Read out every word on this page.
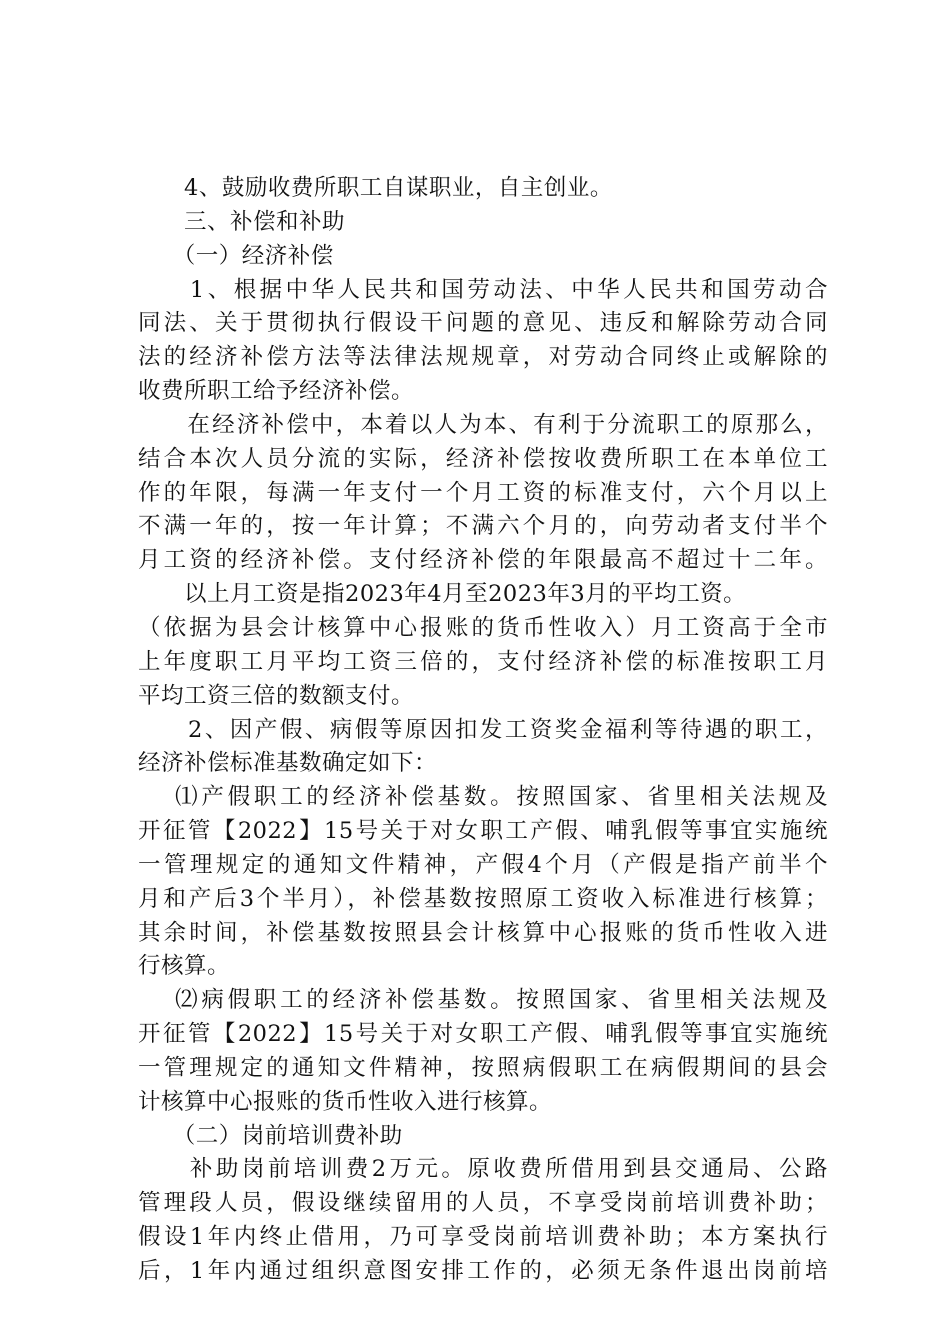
　　4、鼓励收费所职工自谋职业，自主创业。
　　三、补偿和补助
　　（一）经济补偿
　　1、根据中华人民共和国劳动法、中华人民共和国劳动合
同法、关于贯彻执行假设干问题的意见、违反和解除劳动合同
法的经济补偿方法等法律法规规章，对劳动合同终止或解除的
收费所职工给予经济补偿。
　　在经济补偿中，本着以人为本、有利于分流职工的原那么，
结合本次人员分流的实际，经济补偿按收费所职工在本单位工
作的年限，每满一年支付一个月工资的标准支付，六个月以上
不满一年的，按一年计算；不满六个月的，向劳动者支付半个
月工资的经济补偿。支付经济补偿的年限最高不超过十二年。
　　以上月工资是指2023年4月至2023年3月的平均工资。
（依据为县会计核算中心报账的货币性收入）月工资高于全市
上年度职工月平均工资三倍的，支付经济补偿的标准按职工月
平均工资三倍的数额支付。
　　2、因产假、病假等原因扣发工资奖金福利等待遇的职工，
经济补偿标准基数确定如下：
　 ⑴产假职工的经济补偿基数。按照国家、省里相关法规及
开征管【2022】15号关于对女职工产假、哺乳假等事宜实施统
一管理规定的通知文件精神，产假4个月（产假是指产前半个
月和产后3个半月），补偿基数按照原工资收入标准进行核算；
其余时间，补偿基数按照县会计核算中心报账的货币性收入进
行核算。
　 ⑵病假职工的经济补偿基数。按照国家、省里相关法规及
开征管【2022】15号关于对女职工产假、哺乳假等事宜实施统
一管理规定的通知文件精神，按照病假职工在病假期间的县会
计核算中心报账的货币性收入进行核算。
　　（二）岗前培训费补助
　　补助岗前培训费2万元。原收费所借用到县交通局、公路
管理段人员，假设继续留用的人员，不享受岗前培训费补助；
假设1年内终止借用，乃可享受岗前培训费补助；本方案执行
后，1年内通过组织意图安排工作的，必须无条件退出岗前培
